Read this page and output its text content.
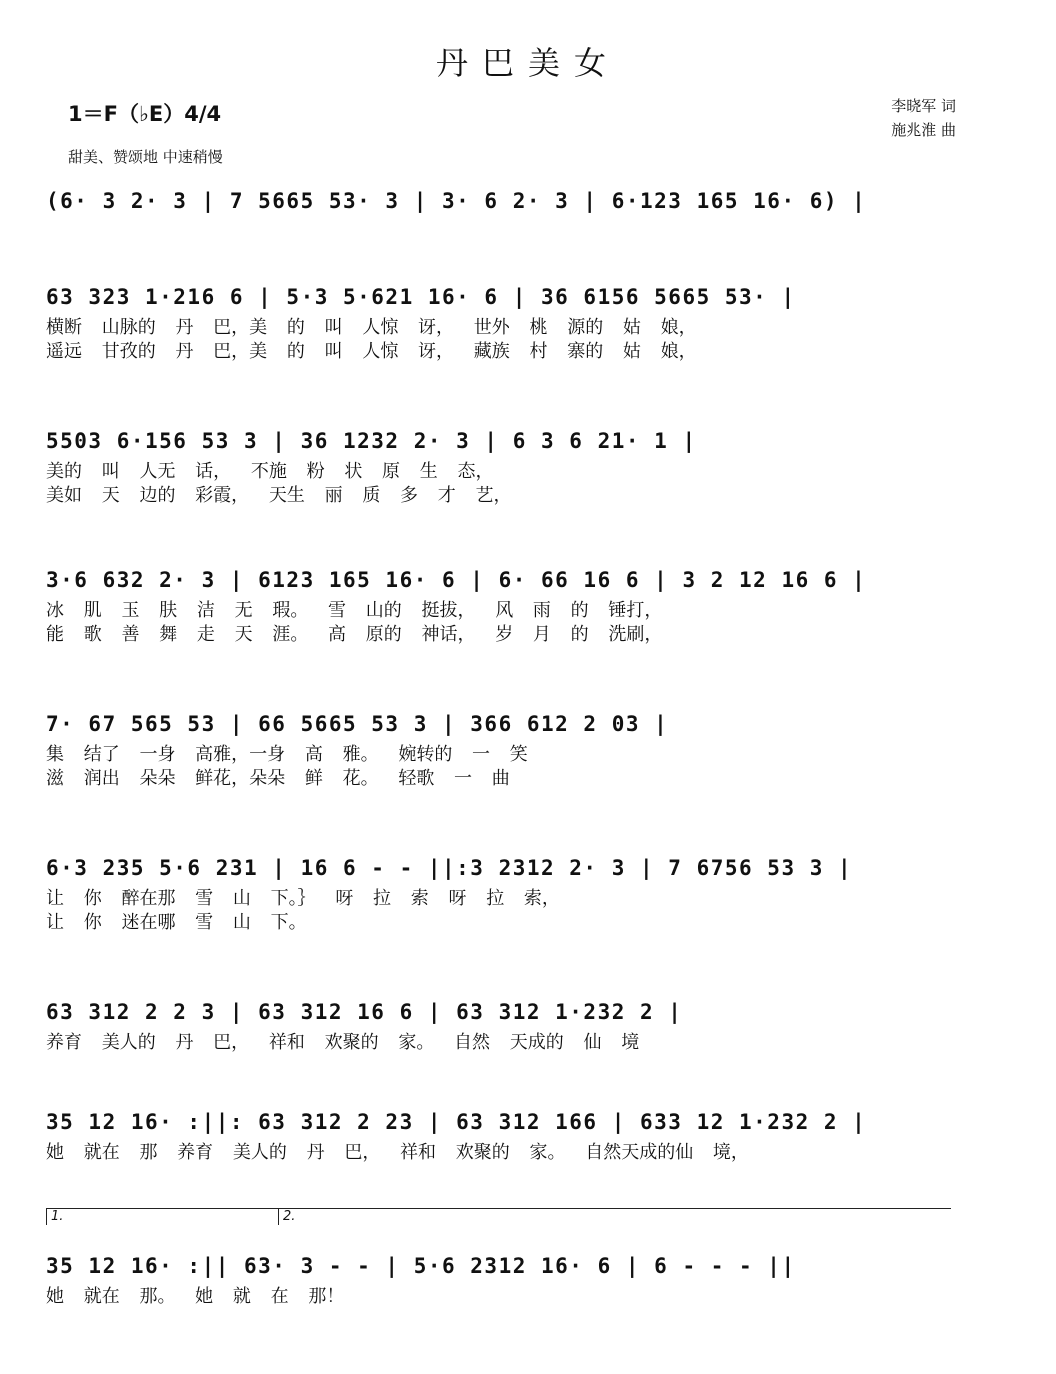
丹巴美女
1＝F（♭E）4/4
甜美、赞颂地 中速稍慢
李晓军 词
施兆淮 曲
(6· 3 2· 3 | 7 5665 53· 3 | 3· 6 2· 3 | 6·123 165 16· 6) |
63 323 1·216 6 | 5·3 5·621 16· 6 | 36 6156 5665 53· |
横断 山脉的 丹 巴，美 的 叫 人惊 讶， 世外 桃 源的 姑 娘，
遥远 甘孜的 丹 巴，美 的 叫 人惊 讶， 藏族 村 寨的 姑 娘，
5503 6·156 53 3 | 36 1232 2· 3 | 6 3 6 21· 1 |
美的 叫 人无 话， 不施 粉 状 原 生 态，
美如 天 边的 彩霞， 天生 丽 质 多 才 艺，
3·6 632 2· 3 | 6123 165 16· 6 | 6· 66 16 6 | 3 2 12 16 6 |
冰 肌 玉 肤 洁 无 瑕。 雪 山的 挺拔， 风 雨 的 锤打，
能 歌 善 舞 走 天 涯。 高 原的 神话， 岁 月 的 洗刷，
7· 67 565 53 | 66 5665 53 3 | 366 612 2 03 |
集 结了 一身 高雅，一身 高 雅。 婉转的 一 笑
滋 润出 朵朵 鲜花，朵朵 鲜 花。 轻歌 一 曲
6·3 235 5·6 231 | 16 6 - - ||:3 2312 2· 3 | 7 6756 53 3 |
让 你 醉在那 雪 山 下。｝ 呀 拉 索 呀 拉 索，
让 你 迷在哪 雪 山 下。
63 312 2 2 3 | 63 312 16 6 | 63 312 1·232 2 |
养育 美人的 丹 巴， 祥和 欢聚的 家。 自然 天成的 仙 境
35 12 16· :||: 63 312 2 23 | 63 312 166 | 633 12 1·232 2 |
她 就在 那 养育 美人的 丹 巴， 祥和 欢聚的 家。 自然天成的仙 境，
1.	2.
35 12 16· :|| 63· 3 - - | 5·6 2312 16· 6 | 6 - - - ||
她 就在 那。 她 就 在 那！
